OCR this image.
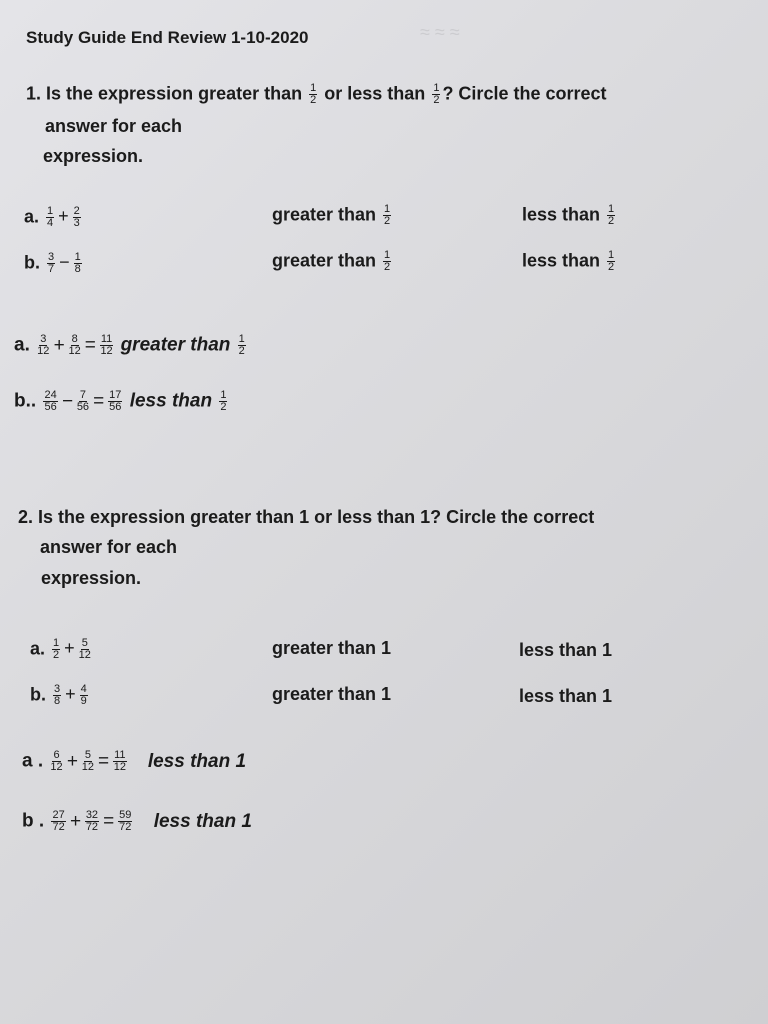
≈ ≈ ≈
Study Guide End Review 1-10-2020
1. Is the expression greater than $\frac{1}{2}$ or less than $\frac{1}{2}$ ? Circle the correct
answer for each
expression.
a. $\frac{1}{4} + \frac{2}{3}$	greater than $\frac{1}{2}$	less than $\frac{1}{2}$
b. $\frac{3}{7} - \frac{1}{8}$	greater than $\frac{1}{2}$	less than $\frac{1}{2}$
a. $\frac{3}{12} + \frac{8}{12} = \frac{11}{12}$ greater than $\frac{1}{2}$
b.. $\frac{24}{56} - \frac{7}{56} = \frac{17}{56}$ less than $\frac{1}{2}$
2. Is the expression greater than 1 or less than 1? Circle the correct
answer for each
expression.
a. $\frac{1}{2} + \frac{5}{12}$	greater than 1	less than 1
b. $\frac{3}{8} + \frac{4}{9}$	greater than 1	less than 1
a . $\frac{6}{12} + \frac{5}{12} = \frac{11}{12}$ less than 1
b . $\frac{27}{72} + \frac{32}{72} = \frac{59}{72}$ less than 1
